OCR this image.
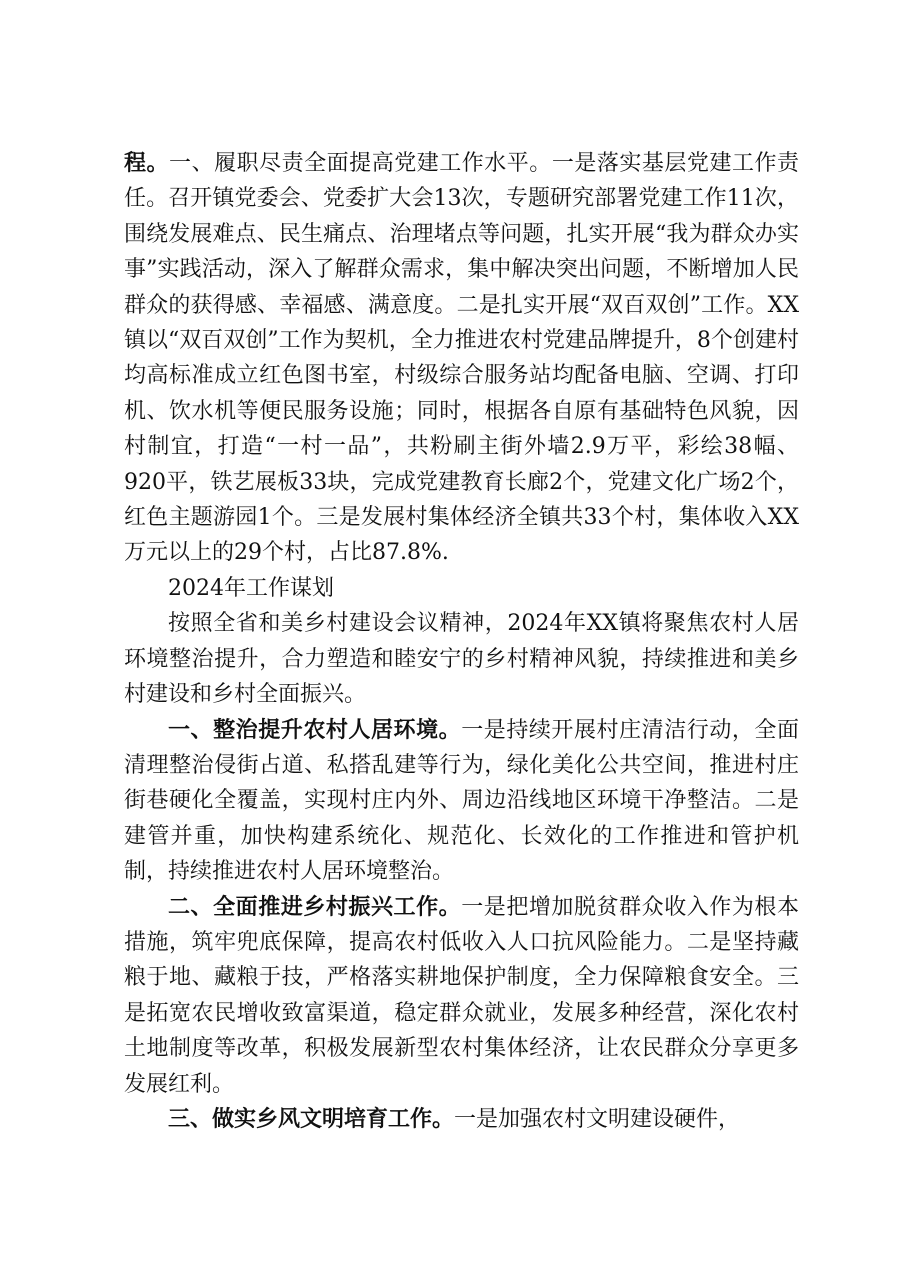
程。一、履职尽责全面提高党建工作水平。一是落实基层党建工作责任。召开镇党委会、党委扩大会13次，专题研究部署党建工作11次，围绕发展难点、民生痛点、治理堵点等问题，扎实开展“我为群众办实事”实践活动，深入了解群众需求，集中解决突出问题，不断增加人民群众的获得感、幸福感、满意度。二是扎实开展“双百双创”工作。XX镇以“双百双创”工作为契机，全力推进农村党建品牌提升，8个创建村均高标准成立红色图书室，村级综合服务站均配备电脑、空调、打印机、饮水机等便民服务设施；同时，根据各自原有基础特色风貌，因村制宜，打造“一村一品”，共粉刷主街外墙2.9万平，彩绘38幅、920平，铁艺展板33块，完成党建教育长廊2个，党建文化广场2个，红色主题游园1个。三是发展村集体经济全镇共33个村，集体收入XX万元以上的29个村，占比87.8%.

2024年工作谋划

按照全省和美乡村建设会议精神，2024年XX镇将聚焦农村人居环境整治提升，合力塑造和睦安宁的乡村精神风貌，持续推进和美乡村建设和乡村全面振兴。

一、整治提升农村人居环境。一是持续开展村庄清洁行动，全面清理整治侵街占道、私搭乱建等行为，绿化美化公共空间，推进村庄街巷硬化全覆盖，实现村庄内外、周边沿线地区环境干净整洁。二是建管并重，加快构建系统化、规范化、长效化的工作推进和管护机制，持续推进农村人居环境整治。

二、全面推进乡村振兴工作。一是把增加脱贫群众收入作为根本措施，筑牢兜底保障，提高农村低收入人口抗风险能力。二是坚持藏粮于地、藏粮于技，严格落实耕地保护制度，全力保障粮食安全。三是拓宽农民增收致富渠道，稳定群众就业，发展多种经营，深化农村土地制度等改革，积极发展新型农村集体经济，让农民群众分享更多发展红利。

三、做实乡风文明培育工作。一是加强农村文明建设硬件，
